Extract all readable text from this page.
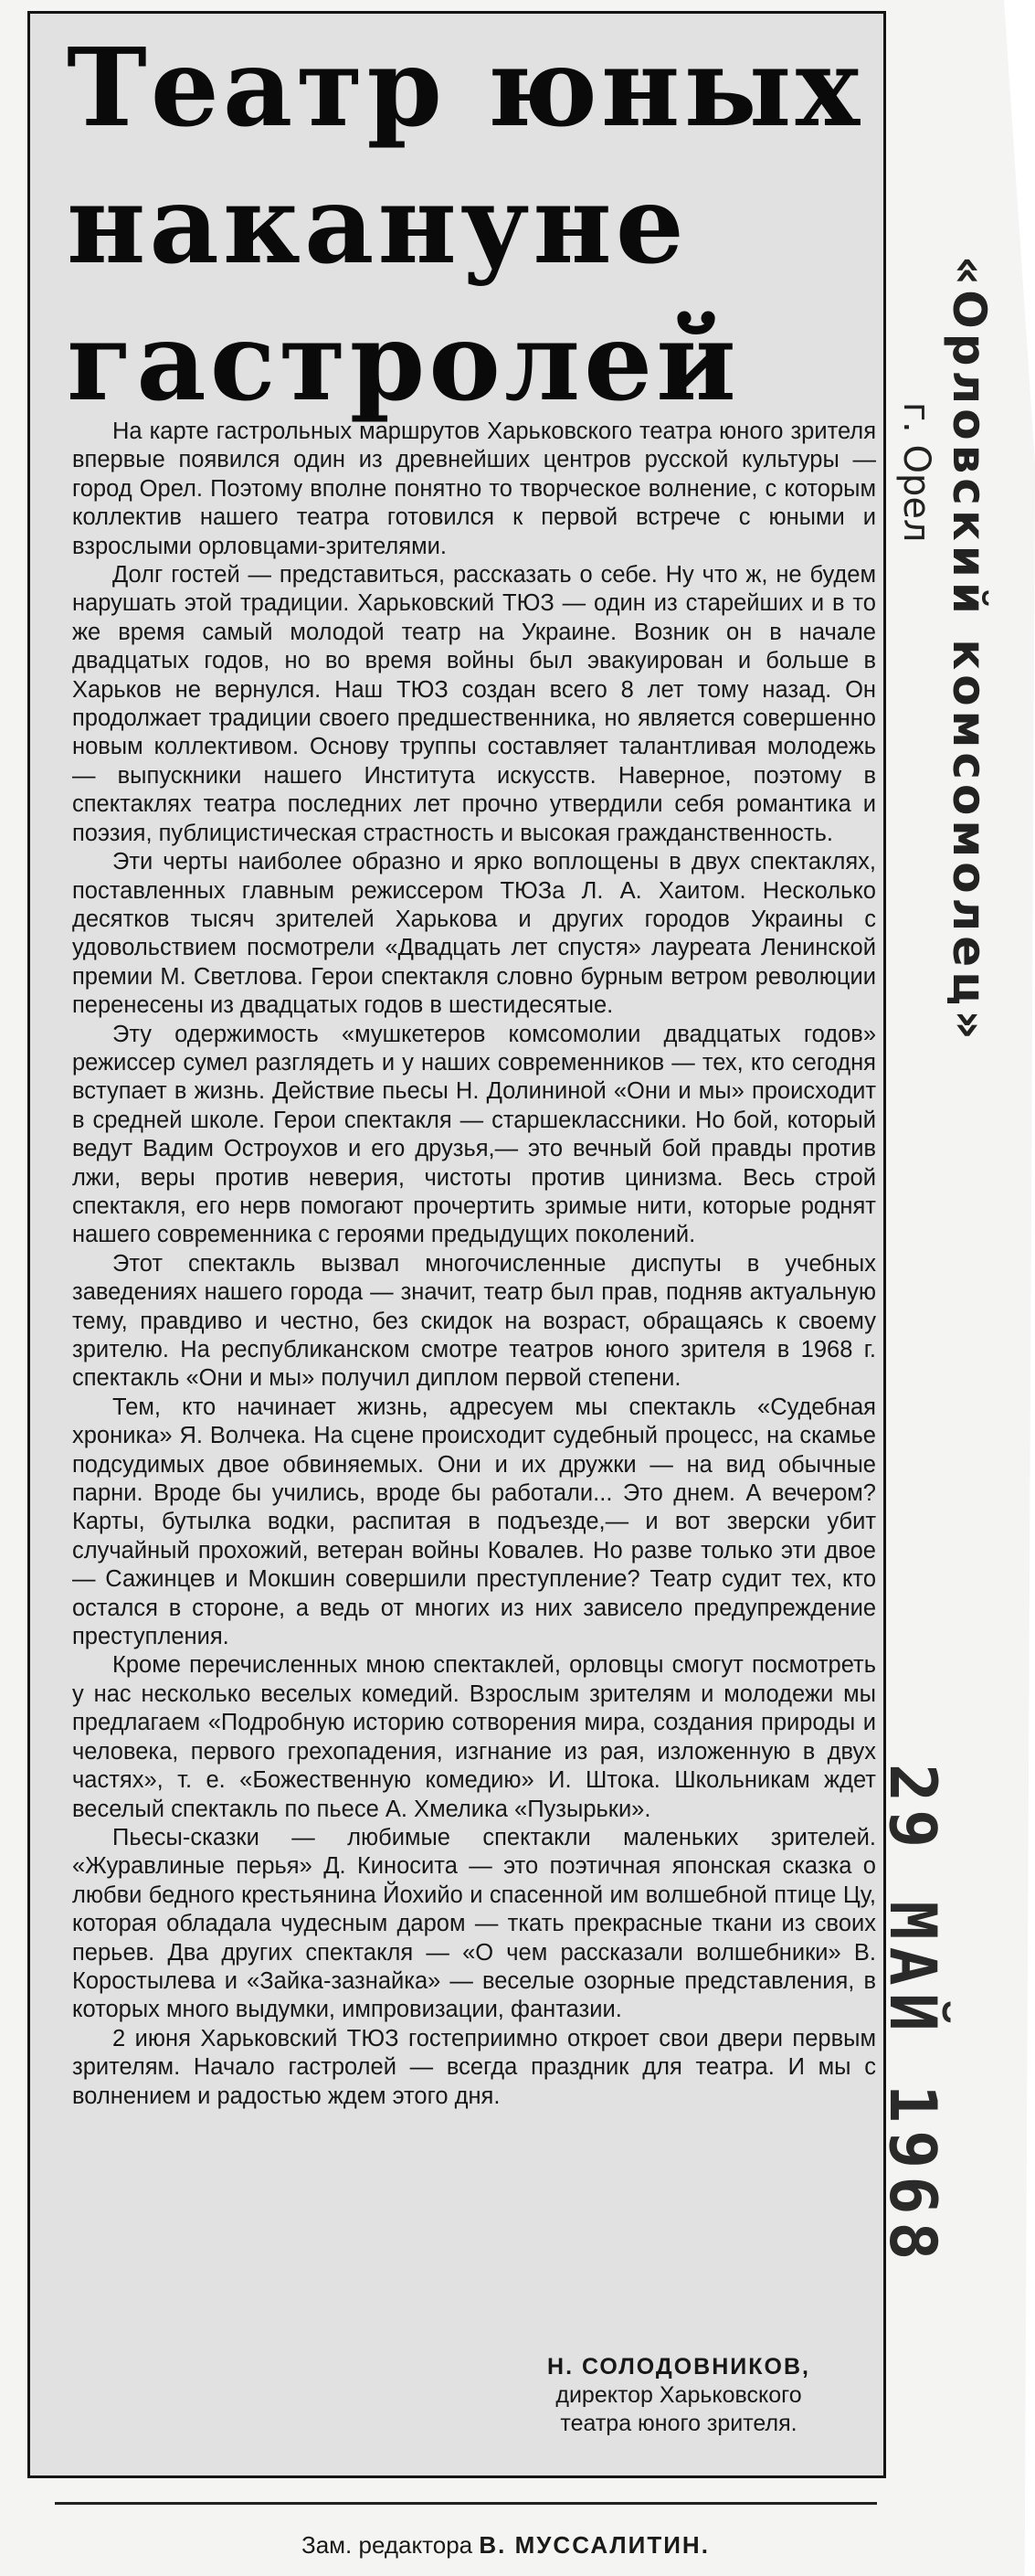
Театр юных
накануне
гастролей

На карте гастрольных маршрутов Харьковского театра юного зрителя впервые появился один из древнейших центров русской культуры — город Орел. Поэтому вполне понятно то творческое волнение, с которым коллектив нашего театра готовился к первой встрече с юными и взрослыми орловцами-зрителями.

Долг гостей — представиться, рассказать о себе. Ну что ж, не будем нарушать этой традиции. Харьковский ТЮЗ — один из старейших и в то же время самый молодой театр на Украине. Возник он в начале двадцатых годов, но во время войны был эвакуирован и больше в Харьков не вернулся. Наш ТЮЗ создан всего 8 лет тому назад. Он продолжает традиции своего предшественника, но является совершенно новым коллективом. Основу труппы составляет талантливая молодежь — выпускники нашего Института искусств. Наверное, поэтому в спектаклях театра последних лет прочно утвердили себя романтика и поэзия, публицистическая страстность и высокая гражданственность.

Эти черты наиболее образно и ярко воплощены в двух спектаклях, поставленных главным режиссером ТЮЗа Л. А. Хаитом. Несколько десятков тысяч зрителей Харькова и других городов Украины с удовольствием посмотрели «Двадцать лет спустя» лауреата Ленинской премии М. Светлова. Герои спектакля словно бурным ветром революции перенесены из двадцатых годов в шестидесятые.

Эту одержимость «мушкетеров комсомолии двадцатых годов» режиссер сумел разглядеть и у наших современников — тех, кто сегодня вступает в жизнь. Действие пьесы Н. Долининой «Они и мы» происходит в средней школе. Герои спектакля — старшеклассники. Но бой, который ведут Вадим Остроухов и его друзья,— это вечный бой правды против лжи, веры против неверия, чистоты против цинизма. Весь строй спектакля, его нерв помогают прочертить зримые нити, которые роднят нашего современника с героями предыдущих поколений.

Этот спектакль вызвал многочисленные диспуты в учебных заведениях нашего города — значит, театр был прав, подняв актуальную тему, правдиво и честно, без скидок на возраст, обращаясь к своему зрителю. На республиканском смотре театров юного зрителя в 1968 г. спектакль «Они и мы» получил диплом первой степени.

Тем, кто начинает жизнь, адресуем мы спектакль «Судебная хроника» Я. Волчека. На сцене происходит судебный процесс, на скамье подсудимых двое обвиняемых. Они и их дружки — на вид обычные парни. Вроде бы учились, вроде бы работали... Это днем. А вечером? Карты, бутылка водки, распитая в подъезде,— и вот зверски убит случайный прохожий, ветеран войны Ковалев. Но разве только эти двое — Сажинцев и Мокшин совершили преступление? Театр судит тех, кто остался в стороне, а ведь от многих из них зависело предупреждение преступления.

Кроме перечисленных мною спектаклей, орловцы смогут посмотреть у нас несколько веселых комедий. Взрослым зрителям и молодежи мы предлагаем «Подробную историю сотворения мира, создания природы и человека, первого грехопадения, изгнание из рая, изложенную в двух частях», т. е. «Божественную комедию» И. Штока. Школьникам ждет веселый спектакль по пьесе А. Хмелика «Пузырьки».

Пьесы-сказки — любимые спектакли маленьких зрителей. «Журавлиные перья» Д. Киносита — это поэтичная японская сказка о любви бедного крестьянина Йохийо и спасенной им волшебной птице Цу, которая обладала чудесным даром — ткать прекрасные ткани из своих перьев. Два других спектакля — «О чем рассказали волшебники» В. Коростылева и «Зайка-зазнайка» — веселые озорные представления, в которых много выдумки, импровизации, фантазии.

2 июня Харьковский ТЮЗ гостеприимно откроет свои двери первым зрителям. Начало гастролей — всегда праздник для театра. И мы с волнением и радостью ждем этого дня.

Н. СОЛОДОВНИКОВ,
директор Харьковского
театра юного зрителя.
Зам. редактора В. МУССАЛИТИН.
«Орловский комсомолец»
г. Орел
29 МАЙ 1968
